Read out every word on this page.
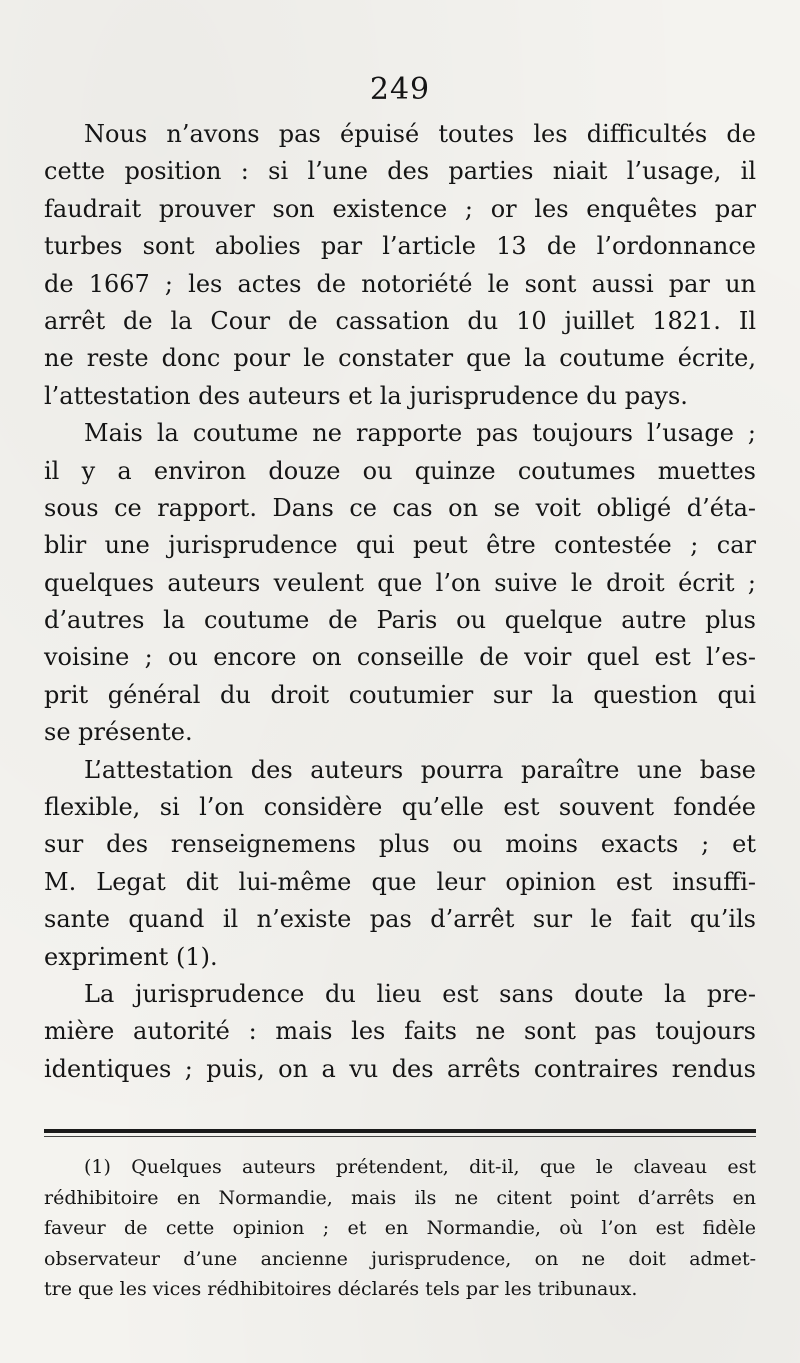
249
Nous n’avons pas épuisé toutes les difficultés de
cette position : si l’une des parties niait l’usage, il
faudrait prouver son existence ; or les enquêtes par
turbes sont abolies par l’article 13 de l’ordonnance
de 1667 ; les actes de notoriété le sont aussi par un
arrêt de la Cour de cassation du 10 juillet 1821. Il
ne reste donc pour le constater que la coutume écrite,
l’attestation des auteurs et la jurisprudence du pays.
Mais la coutume ne rapporte pas toujours l’usage ;
il y a environ douze ou quinze coutumes muettes
sous ce rapport. Dans ce cas on se voit obligé d’éta-
blir une jurisprudence qui peut être contestée ; car
quelques auteurs veulent que l’on suive le droit écrit ;
d’autres la coutume de Paris ou quelque autre plus
voisine ; ou encore on conseille de voir quel est l’es-
prit général du droit coutumier sur la question qui
se présente.
L’attestation des auteurs pourra paraître une base
flexible, si l’on considère qu’elle est souvent fondée
sur des renseignemens plus ou moins exacts ; et
M. Legat dit lui-même que leur opinion est insuffi-
sante quand il n’existe pas d’arrêt sur le fait qu’ils
expriment (1).
La jurisprudence du lieu est sans doute la pre-
mière autorité : mais les faits ne sont pas toujours
identiques ; puis, on a vu des arrêts contraires rendus
(1) Quelques auteurs prétendent, dit-il, que le claveau est
rédhibitoire en Normandie, mais ils ne citent point d’arrêts en
faveur de cette opinion ; et en Normandie, où l’on est fidèle
observateur d’une ancienne jurisprudence, on ne doit admet-
tre que les vices rédhibitoires déclarés tels par les tribunaux.
